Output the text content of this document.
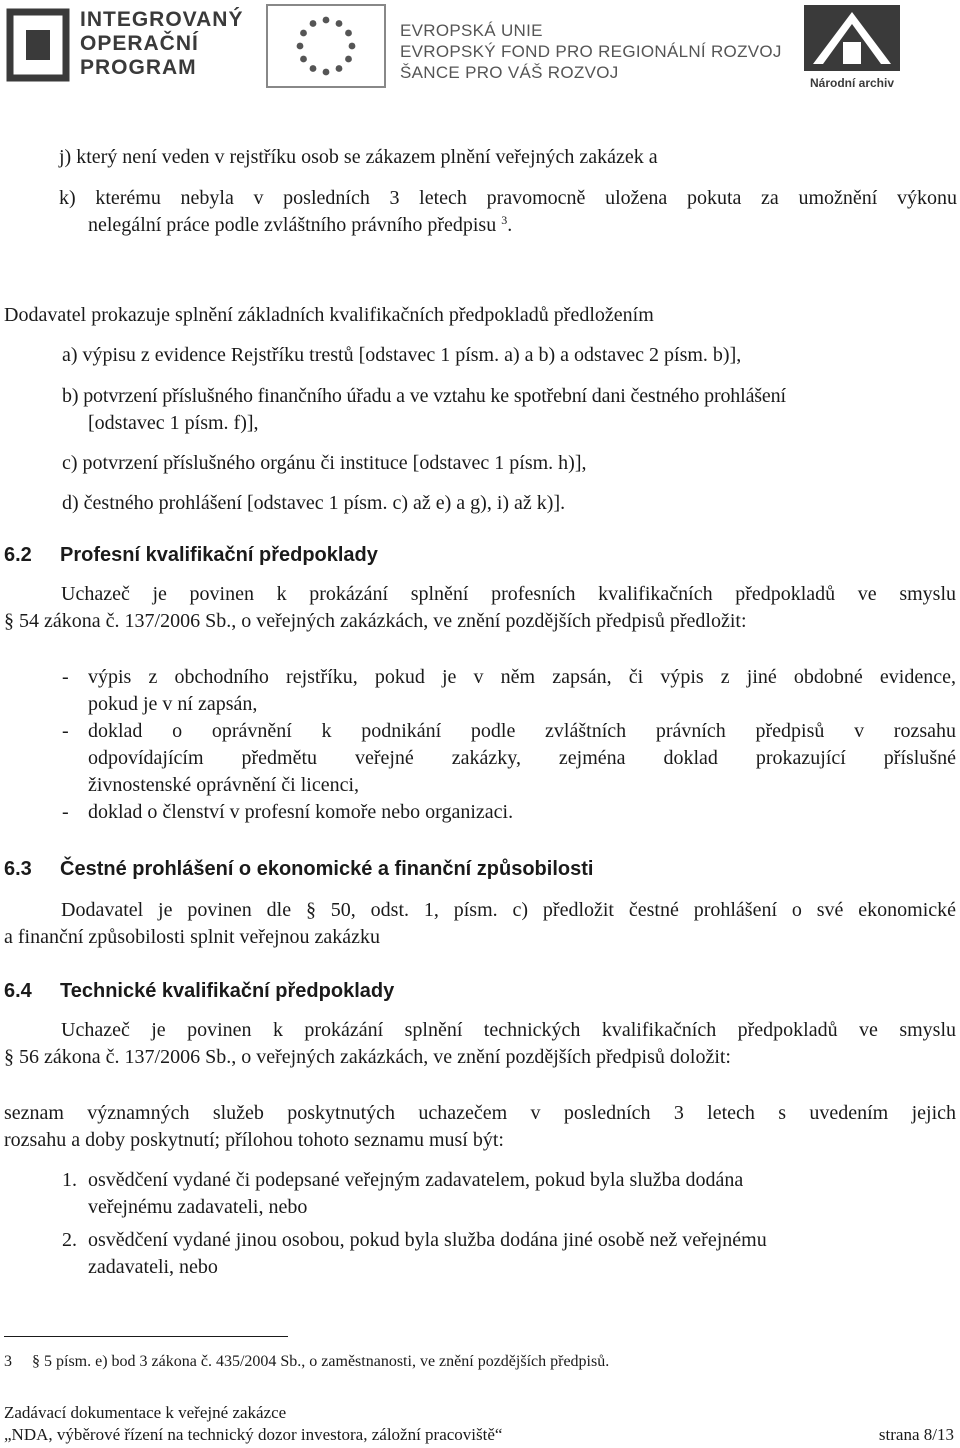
INTEGROVANÝ
OPERAČNÍ
PROGRAM
EVROPSKÁ UNIE
EVROPSKÝ FOND PRO REGIONÁLNÍ ROZVOJ
ŠANCE PRO VÁŠ ROZVOJ
Národní archiv
j) který není veden v rejstříku osob se zákazem plnění veřejných zakázek a
k) kterému nebyla v posledních 3 letech pravomocně uložena pokuta za umožnění výkonu
nelegální práce podle zvláštního právního předpisu $^3$.
Dodavatel prokazuje splnění základních kvalifikačních předpokladů předložením
a) výpisu z evidence Rejstříku trestů [odstavec 1 písm. a) a b) a odstavec 2 písm. b)],
b) potvrzení příslušného finančního úřadu a ve vztahu ke spotřební dani čestného prohlášení
[odstavec 1 písm. f)],
c) potvrzení příslušného orgánu či instituce [odstavec 1 písm. h)],
d) čestného prohlášení [odstavec 1 písm. c) až e) a g), i) až k)].
6.2 Profesní kvalifikační předpoklady
Uchazeč je povinen k prokázání splnění profesních kvalifikačních předpokladů ve smyslu
§ 54 zákona č. 137/2006 Sb., o veřejných zakázkách, ve znění pozdějších předpisů předložit:
- výpis z obchodního rejstříku, pokud je v něm zapsán, či výpis z jiné obdobné evidence,
pokud je v ní zapsán,
- doklad o oprávnění k podnikání podle zvláštních právních předpisů v rozsahu
odpovídajícím předmětu veřejné zakázky, zejména doklad prokazující příslušné
živnostenské oprávnění či licenci,
- doklad o členství v profesní komoře nebo organizaci.
6.3 Čestné prohlášení o ekonomické a finanční způsobilosti
Dodavatel je povinen dle § 50, odst. 1, písm. c) předložit čestné prohlášení o své ekonomické
a finanční způsobilosti splnit veřejnou zakázku
6.4 Technické kvalifikační předpoklady
Uchazeč je povinen k prokázání splnění technických kvalifikačních předpokladů ve smyslu
§ 56 zákona č. 137/2006 Sb., o veřejných zakázkách, ve znění pozdějších předpisů doložit:
seznam významných služeb poskytnutých uchazečem v posledních 3 letech s uvedením jejich
rozsahu a doby poskytnutí; přílohou tohoto seznamu musí být:
1. osvědčení vydané či podepsané veřejným zadavatelem, pokud byla služba dodána
veřejnému zadavateli, nebo
2. osvědčení vydané jinou osobou, pokud byla služba dodána jiné osobě než veřejnému
zadavateli, nebo
3 § 5 písm. e) bod 3 zákona č. 435/2004 Sb., o zaměstnanosti, ve znění pozdějších předpisů.
Zadávací dokumentace k veřejné zakázce
„NDA, výběrové řízení na technický dozor investora, záložní pracoviště“	strana 8/13
